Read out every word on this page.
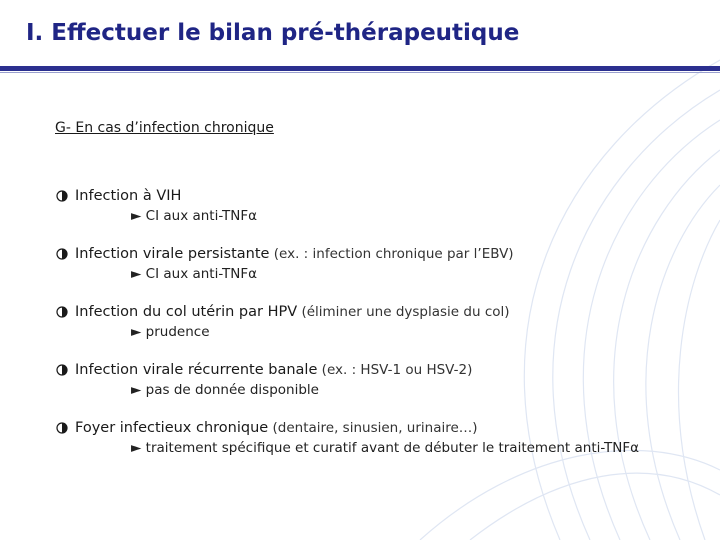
I. Effectuer le bilan pré-thérapeutique
G- En cas d’infection chronique
Infection à VIH
► CI aux anti-TNFα
Infection virale persistante (ex. : infection chronique par l’EBV)
► CI aux anti-TNFα
Infection du col utérin par HPV (éliminer une dysplasie du col)
► prudence
Infection virale récurrente banale (ex. : HSV-1 ou HSV-2)
► pas de donnée disponible
Foyer infectieux chronique (dentaire, sinusien, urinaire…)
► traitement spécifique et curatif avant de débuter le traitement anti-TNFα
